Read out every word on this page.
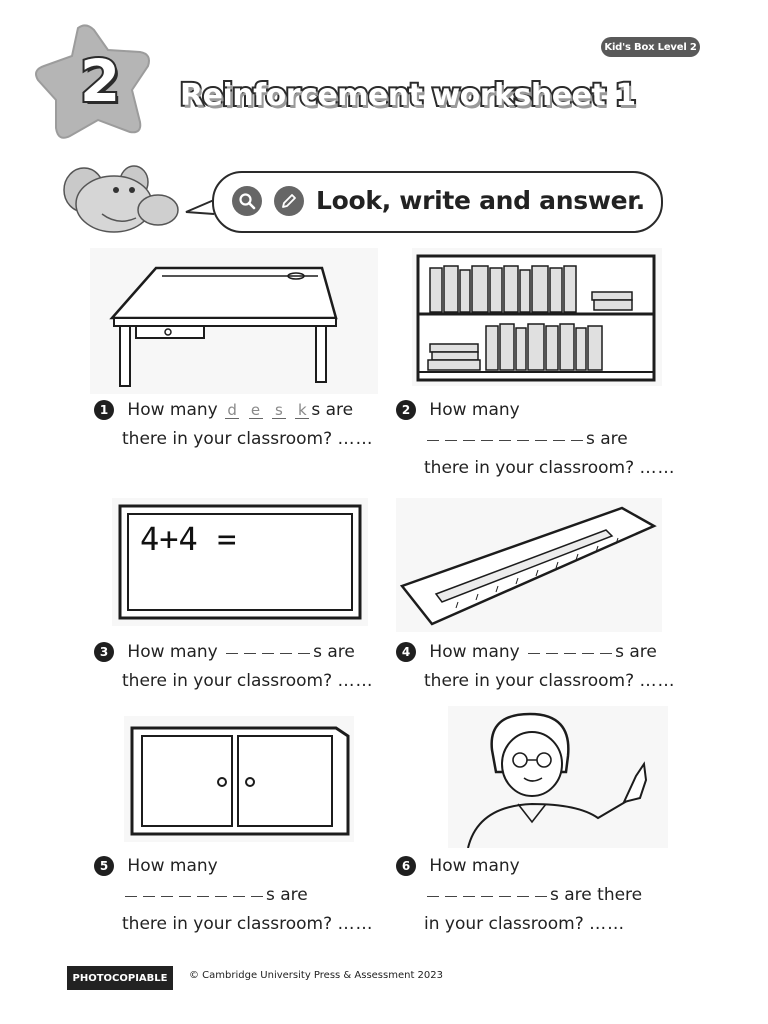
Kid's Box Level 2
2 Reinforcement worksheet 1
Look, write and answer.
4+4 =
1 How many d e s k s are
there in your classroom? ……
2 How many
s are
there in your classroom? ……
3 How many	s are
there in your classroom? ……
4 How many	s are
there in your classroom? ……
5 How many
s are
there in your classroom? ……
6 How many
s are there
in your classroom? ……
PHOTOCOPIABLE	© Cambridge University Press & Assessment 2023
